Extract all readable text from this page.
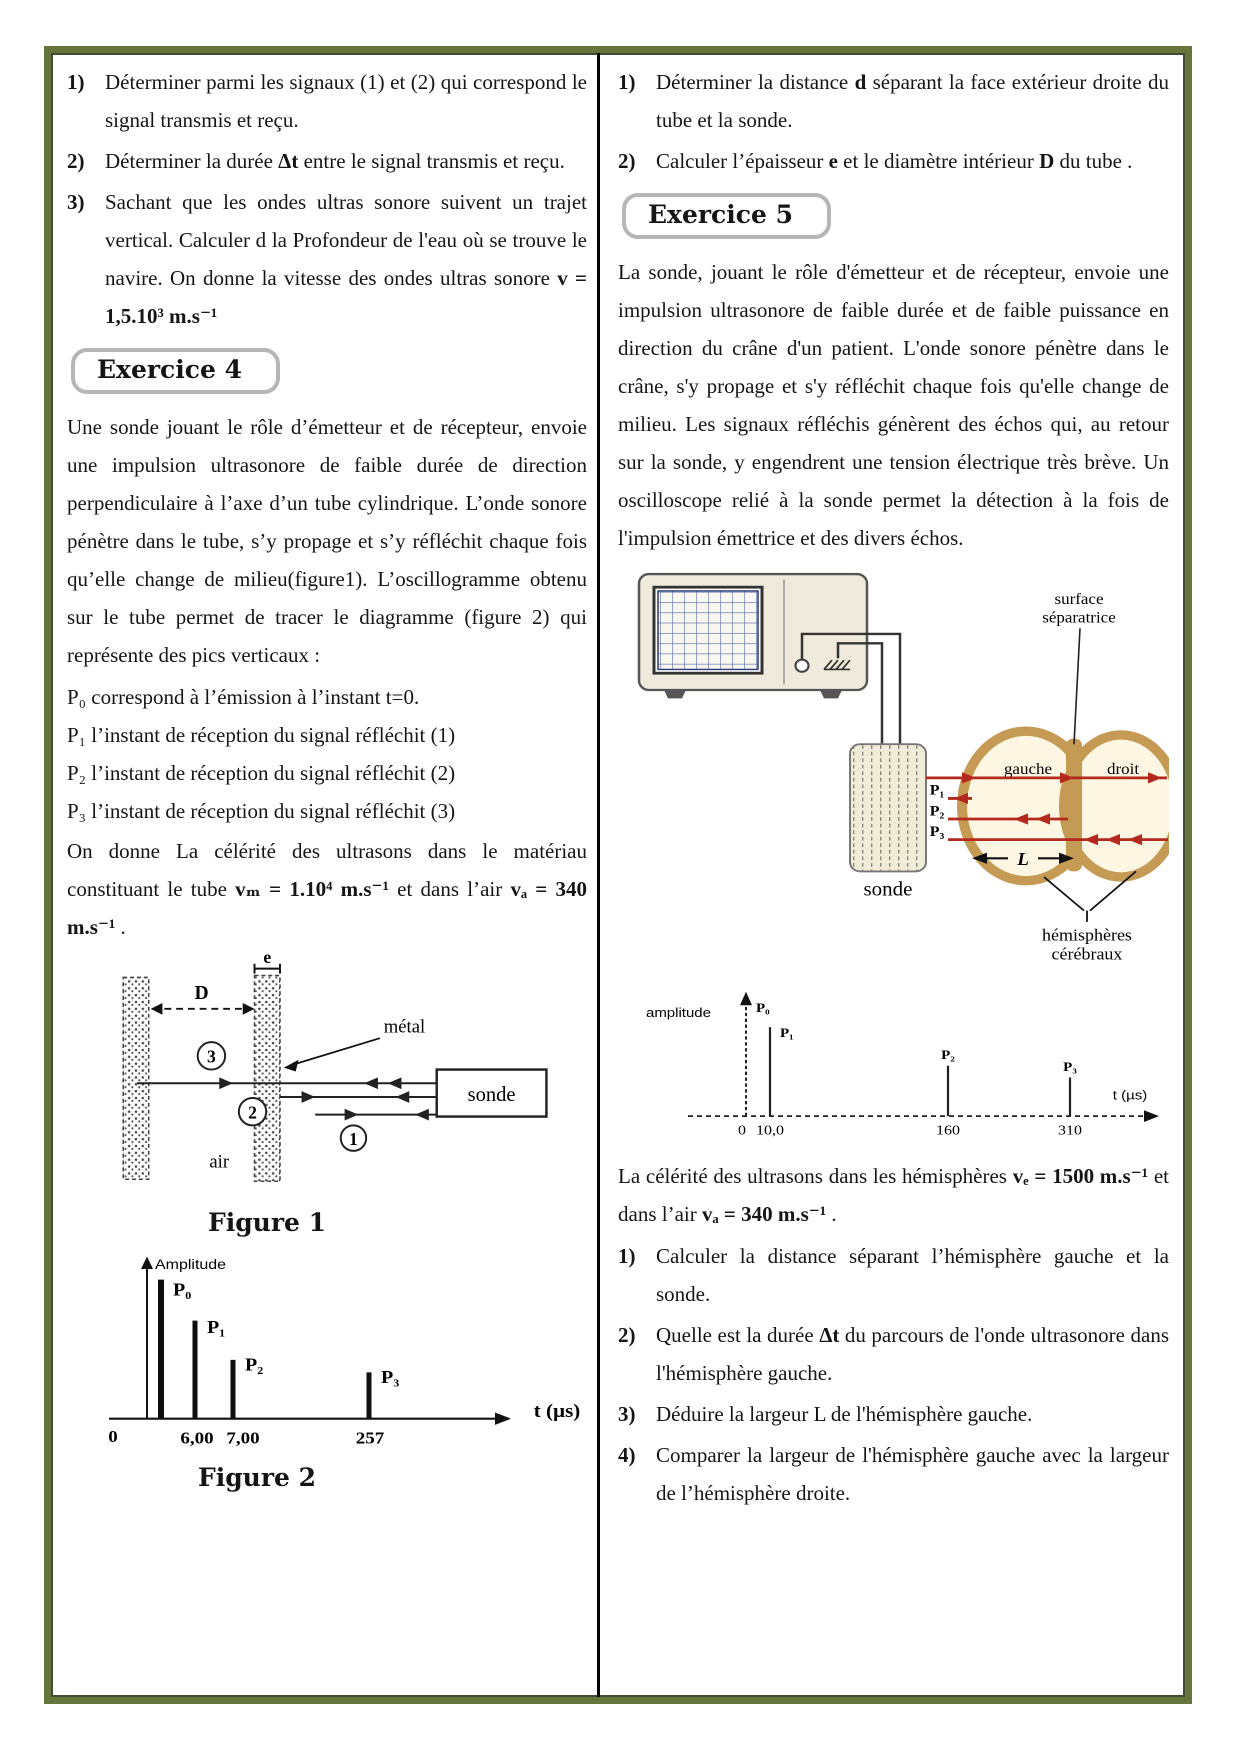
1) Déterminer parmi les signaux (1) et (2) qui correspond le signal transmis et reçu.
2) Déterminer la durée Δt entre le signal transmis et reçu.
3) Sachant que les ondes ultras sonore suivent un trajet vertical. Calculer d la Profondeur de l'eau où se trouve le navire. On donne la vitesse des ondes ultras sonore v = 1,5.10³ m.s⁻¹
Exercice 4

Une sonde jouant le rôle d’émetteur et de récepteur, envoie une impulsion ultrasonore de faible durée de direction perpendiculaire à l’axe d’un tube cylindrique. L’onde sonore pénètre dans le tube, s’y propage et s’y réfléchit chaque fois qu’elle change de milieu(figure1). L’oscillogramme obtenu sur le tube permet de tracer le diagramme (figure 2) qui représente des pics verticaux :

P₀ correspond à l’émission à l’instant t=0.

P₁ l’instant de réception du signal réfléchit (1)

P₂ l’instant de réception du signal réfléchit (2)

P₃ l’instant de réception du signal réfléchit (3)

On donne La célérité des ultrasons dans le matériau constituant le tube vₘ = 1.10⁴ m.s⁻¹ et dans l’air vₐ = 340 m.s⁻¹ .

e
D
métal
sonde
3
2
1
air
Figure 1
Amplitude
t (µs)
P₀
P₁
P₂
P₃
0	6,00 7,00	257
Figure 2
1) Déterminer la distance d séparant la face extérieur droite du tube et la sonde.
2) Calculer l’épaisseur e et le diamètre intérieur D du tube .
Exercice 5

La sonde, jouant le rôle d'émetteur et de récepteur, envoie une impulsion ultrasonore de faible durée et de faible puissance en direction du crâne d'un patient. L'onde sonore pénètre dans le crâne, s'y propage et s'y réfléchit chaque fois qu'elle change de milieu. Les signaux réfléchis génèrent des échos qui, au retour sur la sonde, y engendrent une tension électrique très brève. Un oscilloscope relié à la sonde permet la détection à la fois de l'impulsion émettrice et des divers échos.

sonde
P₁
P₂
P₃
gauche	droit
surface
séparatrice
L
hémisphères
cérébraux

amplitude	P₀
P₁
P₂
P₃
t (µs)
0 10,0	160	310

La célérité des ultrasons dans les hémisphères vₑ = 1500 m.s⁻¹ et dans l’air vₐ = 340 m.s⁻¹ .

1) Calculer la distance séparant l’hémisphère gauche et la sonde.
2) Quelle est la durée Δt du parcours de l'onde ultrasonore dans l'hémisphère gauche.
3) Déduire la largeur L de l'hémisphère gauche.
4) Comparer la largeur de l'hémisphère gauche avec la largeur de l’hémisphère droite.
